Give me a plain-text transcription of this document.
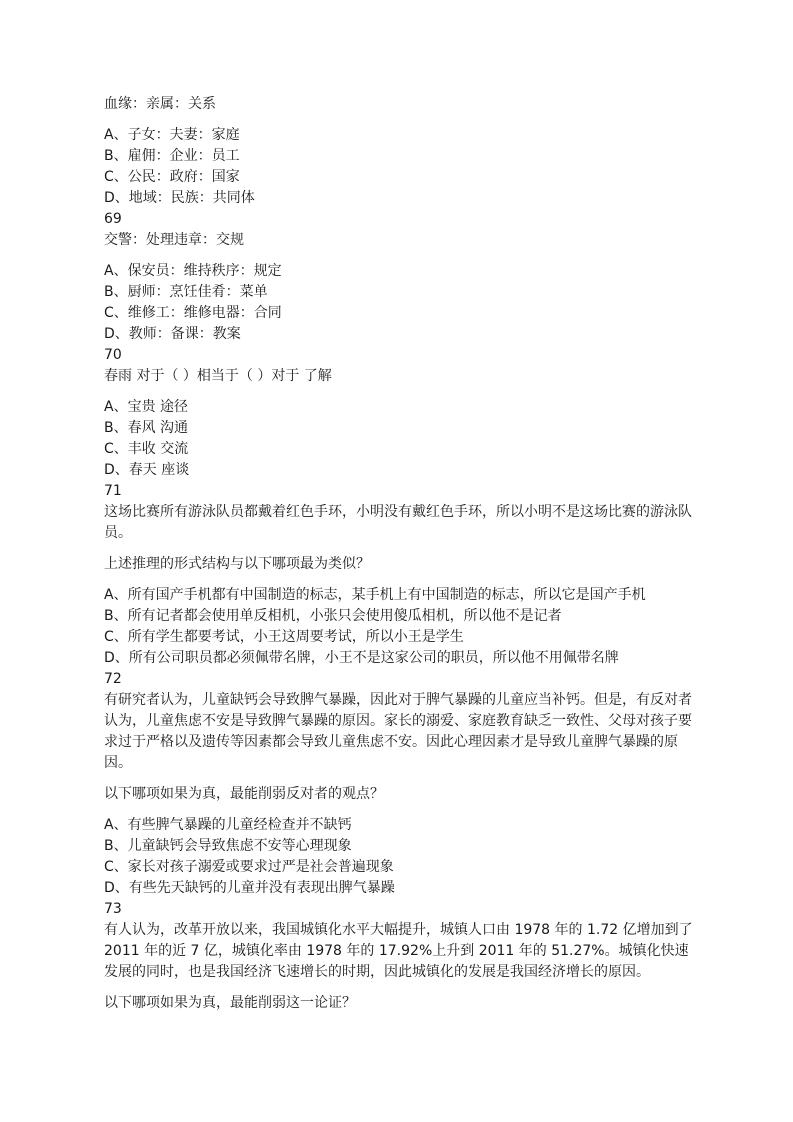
血缘：亲属：关系
A、子女：夫妻：家庭
B、雇佣：企业：员工
C、公民：政府：国家
D、地域：民族：共同体
69
交警：处理违章：交规
A、保安员：维持秩序：规定
B、厨师：烹饪佳肴：菜单
C、维修工：维修电器：合同
D、教师：备课：教案
70
春雨 对于（ ）相当于（ ）对于 了解
A、宝贵 途径
B、春风 沟通
C、丰收 交流
D、春天 座谈
71
这场比赛所有游泳队员都戴着红色手环，小明没有戴红色手环，所以小明不是这场比赛的游泳队员。
上述推理的形式结构与以下哪项最为类似？
A、所有国产手机都有中国制造的标志，某手机上有中国制造的标志，所以它是国产手机
B、所有记者都会使用单反相机，小张只会使用傻瓜相机，所以他不是记者
C、所有学生都要考试，小王这周要考试，所以小王是学生
D、所有公司职员都必须佩带名牌，小王不是这家公司的职员，所以他不用佩带名牌
72
有研究者认为，儿童缺钙会导致脾气暴躁，因此对于脾气暴躁的儿童应当补钙。但是，有反对者认为，儿童焦虑不安是导致脾气暴躁的原因。家长的溺爱、家庭教育缺乏一致性、父母对孩子要求过于严格以及遗传等因素都会导致儿童焦虑不安。因此心理因素才是导致儿童脾气暴躁的原因。
以下哪项如果为真，最能削弱反对者的观点？
A、有些脾气暴躁的儿童经检查并不缺钙
B、儿童缺钙会导致焦虑不安等心理现象
C、家长对孩子溺爱或要求过严是社会普遍现象
D、有些先天缺钙的儿童并没有表现出脾气暴躁
73
有人认为，改革开放以来，我国城镇化水平大幅提升，城镇人口由 1978 年的 1.72 亿增加到了 2011 年的近 7 亿，城镇化率由 1978 年的 17.92%上升到 2011 年的 51.27%。城镇化快速发展的同时，也是我国经济飞速增长的时期，因此城镇化的发展是我国经济增长的原因。
以下哪项如果为真，最能削弱这一论证？
